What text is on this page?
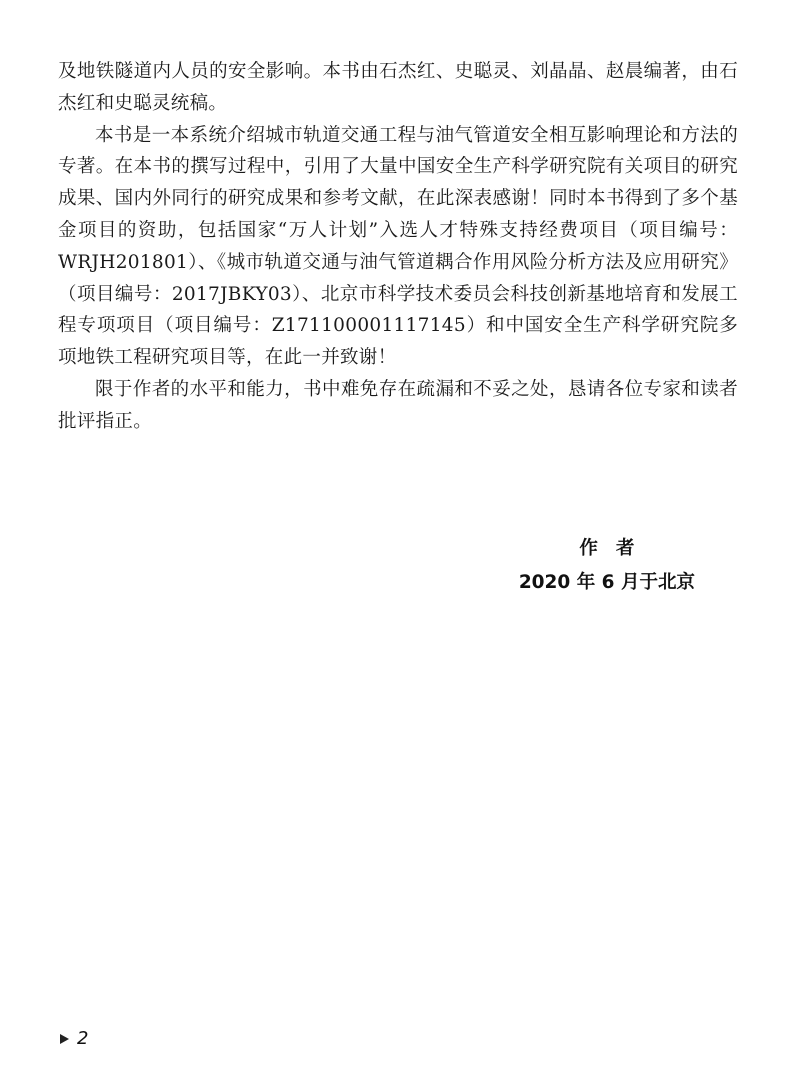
及地铁隧道内人员的安全影响。本书由石杰红、史聪灵、刘晶晶、赵晨编著，由石杰红和史聪灵统稿。

本书是一本系统介绍城市轨道交通工程与油气管道安全相互影响理论和方法的专著。在本书的撰写过程中，引用了大量中国安全生产科学研究院有关项目的研究成果、国内外同行的研究成果和参考文献，在此深表感谢！同时本书得到了多个基金项目的资助，包括国家“万人计划”入选人才特殊支持经费项目（项目编号：WRJH201801）、《城市轨道交通与油气管道耦合作用风险分析方法及应用研究》（项目编号：2017JBKY03）、北京市科学技术委员会科技创新基地培育和发展工程专项项目（项目编号：Z171100001117145）和中国安全生产科学研究院多项地铁工程研究项目等，在此一并致谢！

限于作者的水平和能力，书中难免存在疏漏和不妥之处，恳请各位专家和读者批评指正。

作者
2020 年 6 月于北京
2
